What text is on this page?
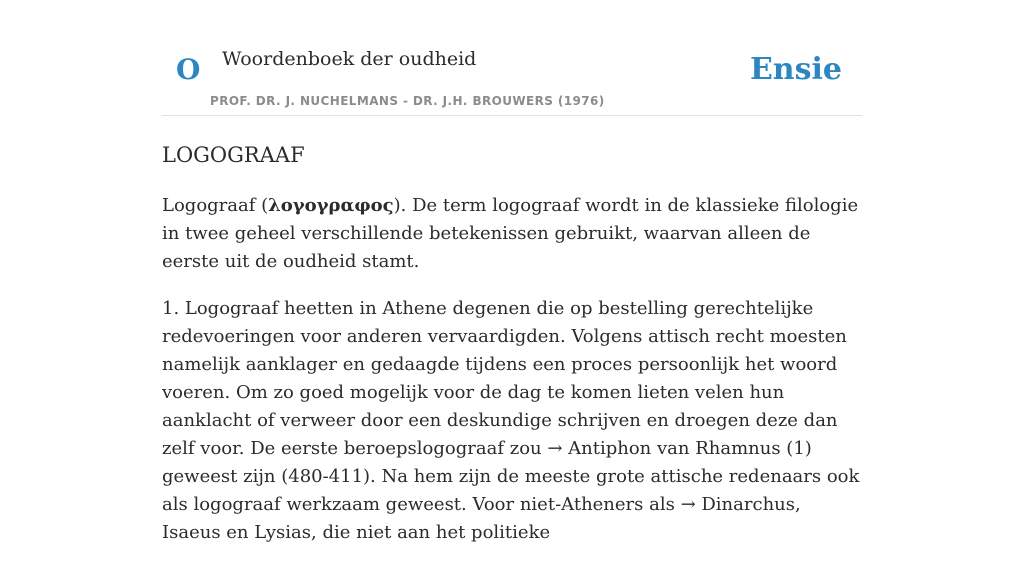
O Woordenboek der oudheid
PROF. DR. J. NUCHELMANS - DR. J.H. BROUWERS (1976)
Ensie
LOGOGRAAF

Logograaf (λογογραφος). De term logograaf wordt in de klassieke filologie in twee geheel verschillende betekenissen gebruikt, waarvan alleen de eerste uit de oudheid stamt.

1. Logograaf heetten in Athene degenen die op bestelling gerechtelijke redevoeringen voor anderen vervaardigden. Volgens attisch recht moesten namelijk aanklager en gedaagde tijdens een proces persoonlijk het woord voeren. Om zo goed mogelijk voor de dag te komen lieten velen hun aanklacht of verweer door een deskundige schrijven en droegen deze dan zelf voor. De eerste beroepslogograaf zou → Antiphon van Rhamnus (1) geweest zijn (480-411). Na hem zijn de meeste grote attische redenaars ook als logograaf werkzaam geweest. Voor niet-Atheners als → Dinarchus, Isaeus en Lysias, die niet aan het politieke
